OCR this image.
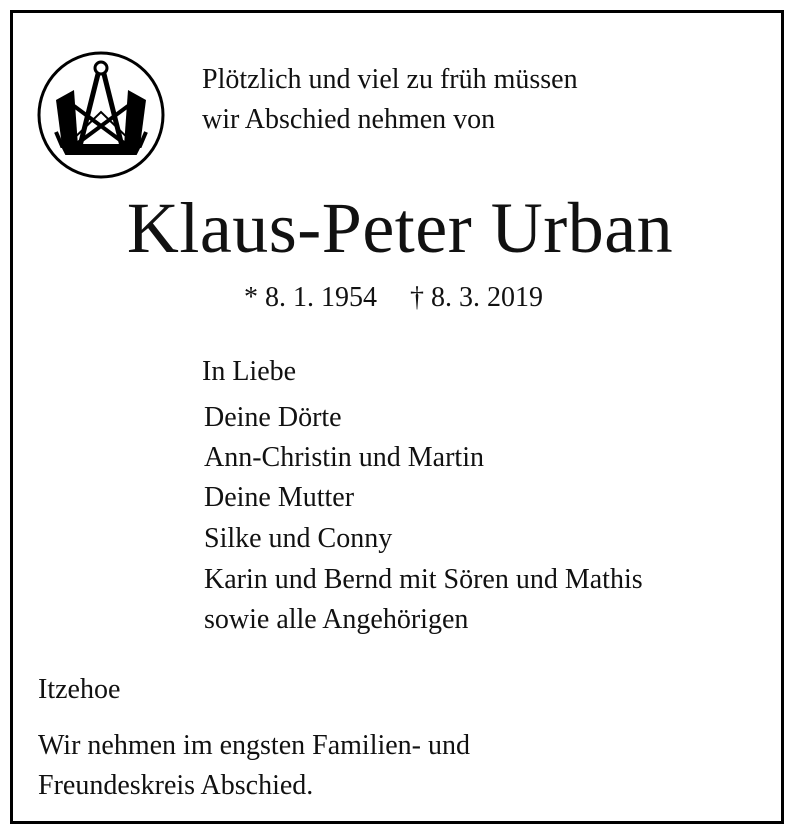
Plötzlich und viel zu früh müssen
wir Abschied nehmen von
Klaus-Peter Urban
* 8. 1. 1954 † 8. 3. 2019
In Liebe
Deine Dörte
Ann-Christin und Martin
Deine Mutter
Silke und Conny
Karin und Bernd mit Sören und Mathis
sowie alle Angehörigen
Itzehoe
Wir nehmen im engsten Familien- und
Freundeskreis Abschied.
